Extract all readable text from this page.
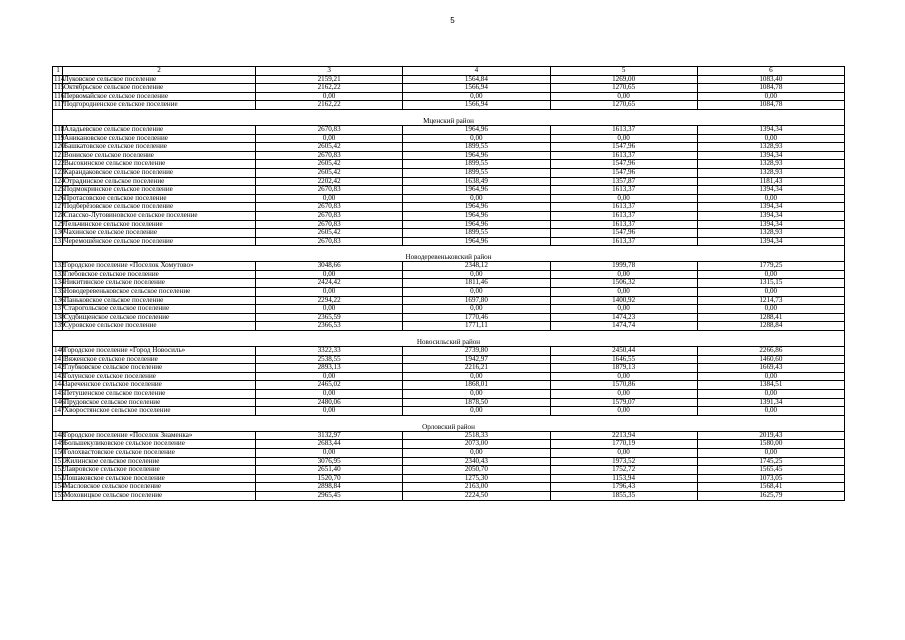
5
1	2	3	4	5	6
114	Луковское сельское поселение	2159,21	1564,84	1269,00	1083,40
115	Октябрьское сельское поселение	2162,22	1566,94	1270,65	1084,78
116	Первомайское сельское поселение	0,00	0,00	0,00	0,00
117	Подгородненское сельское поселение	2162,22	1566,94	1270,65	1084,78
Мценский район					
118	Аладьевское сельское поселение	2670,83	1964,96	1613,37	1394,34
119	Аникановское сельское поселение	0,00	0,00	0,00	0,00
120	Башкатовское сельское поселение	2605,42	1899,55	1547,96	1328,93
121	Вониское сельское поселение	2670,83	1964,96	1613,37	1394,34
122	Высокинское сельское поселение	2605,42	1899,55	1547,96	1328,93
123	Карандаковское сельское поселение	2605,42	1899,55	1547,96	1328,93
124	Отрадинское сельское поселение	2202,42	1638,49	1357,87	1181,43
125	Подмокринское сельское поселение	2670,83	1964,96	1613,37	1394,34
126	Протасовское сельское поселение	0,00	0,00	0,00	0,00
127	Подберёзовское сельское поселение	2670,83	1964,96	1613,37	1394,34
128	Спасско-Лутовиновское сельское поселение	2670,83	1964,96	1613,37	1394,34
129	Тельчинское сельское поселение	2670,83	1964,96	1613,37	1394,34
130	Чахинское сельское поселение	2605,42	1899,55	1547,96	1328,93
131	Черемошёнское сельское поселение	2670,83	1964,96	1613,37	1394,34
Новодеревеньковский район					
132	Городское поселение «Поселок Хомутово»	3048,66	2348,12	1999,78	1779,25
133	Глебовское сельское поселение	0,00	0,00	0,00	0,00
134	Никитинское сельское поселение	2424,42	1811,46	1506,32	1315,15
135	Новодеревеньковское сельское поселение	0,00	0,00	0,00	0,00
136	Паньковское сельское поселение	2294,22	1697,80	1400,92	1214,73
137	Старогольское сельское поселение	0,00	0,00	0,00	0,00
138	Судбищенское сельское поселение	2365,59	1770,46	1474,23	1288,41
139	Суровское сельское поселение	2366,53	1771,11	1474,74	1288,84
Новосильский район					
140	Городское поселение «Город Новосиль»	3322,33	2739,80	2450,44	2266,86
141	Вяженское сельское поселение	2538,55	1942,97	1646,55	1460,60
142	Глубковское сельское поселение	2893,13	2216,21	1879,13	1669,43
143	Голунское сельское поселение	0,00	0,00	0,00	0,00
144	Зареченское сельское поселение	2465,02	1868,01	1570,86	1384,51
145	Петушенское сельское поселение	0,00	0,00	0,00	0,00
146	Прудовское сельское поселение	2480,06	1878,50	1579,07	1391,34
147	Хворостянское сельское поселение	0,00	0,00	0,00	0,00
Орловский район					
148	Городское поселение «Поселок Знаменка»	3132,97	2518,33	2213,94	2019,43
149	Большекуликовское сельское поселение	2683,44	2073,00	1770,19	1580,00
150	Голохвастовское сельское поселение	0,00	0,00	0,00	0,00
151	Жилинское сельское поселение	3076,95	2340,43	1973,52	1745,25
152	Лавровское сельское поселение	2651,40	2050,70	1752,72	1565,45
153	Лошаковское сельское поселение	1520,70	1275,30	1153,94	1073,05
154	Масловское сельское поселение	2898,84	2163,00	1796,43	1568,41
155	Моховицкое сельское поселение	2965,45	2224,50	1855,35	1625,79
